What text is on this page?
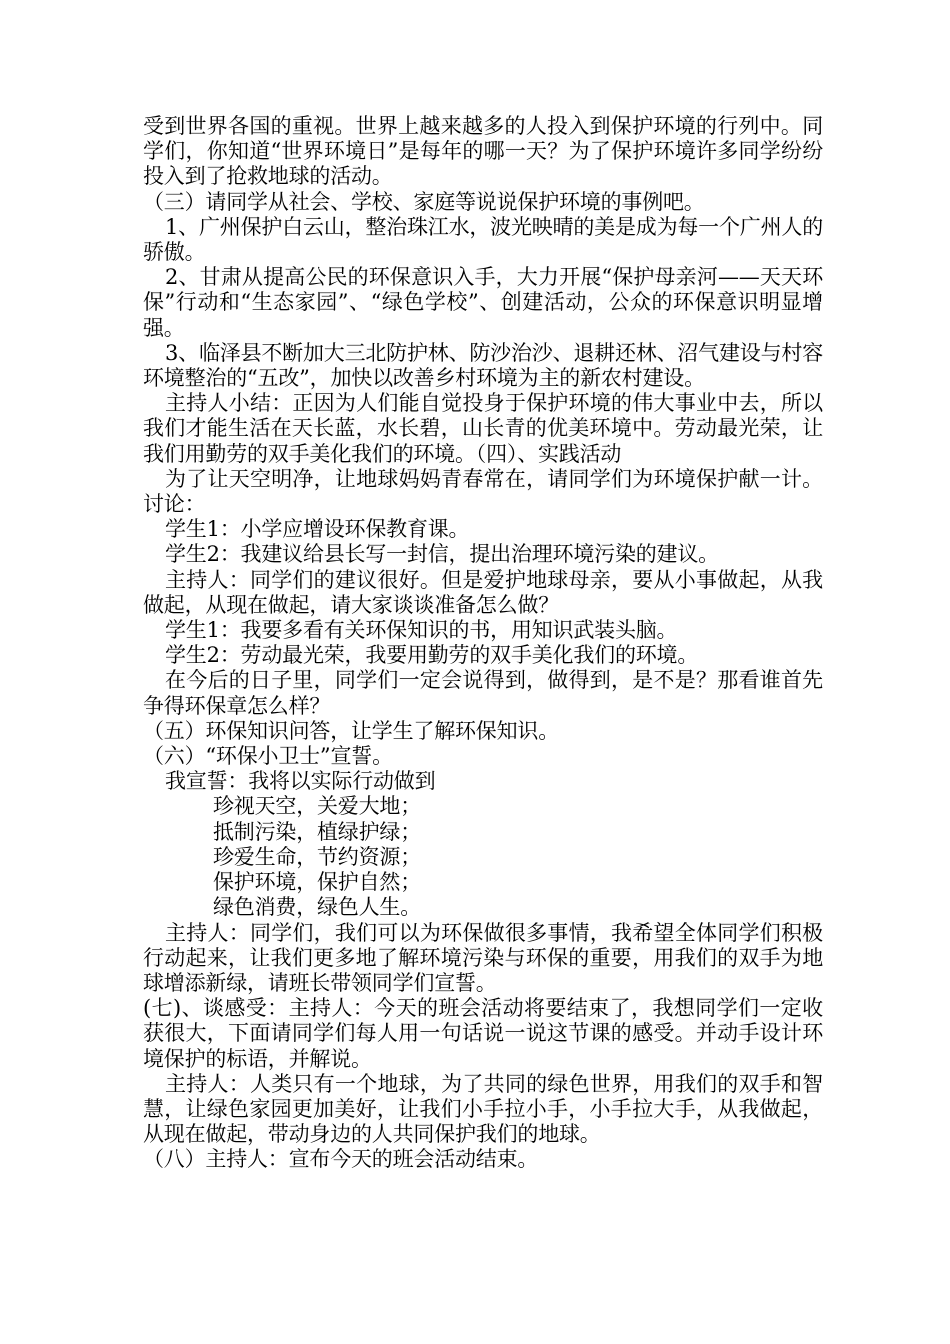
受到世界各国的重视。世界上越来越多的人投入到保护环境的行列中。同学们，你知道“世界环境日”是每年的哪一天？为了保护环境许多同学纷纷投入到了抢救地球的活动。

（三）请同学从社会、学校、家庭等说说保护环境的事例吧。

1、广州保护白云山，整治珠江水，波光映晴的美是成为每一个广州人的骄傲。

2、甘肃从提高公民的环保意识入手，大力开展“保护母亲河——天天环保”行动和“生态家园”、“绿色学校”、创建活动，公众的环保意识明显增强。

3、临泽县不断加大三北防护林、防沙治沙、退耕还林、沼气建设与村容环境整治的“五改”，加快以改善乡村环境为主的新农村建设。

主持人小结：正因为人们能自觉投身于保护环境的伟大事业中去，所以我们才能生活在天长蓝，水长碧，山长青的优美环境中。劳动最光荣，让我们用勤劳的双手美化我们的环境。（四）、实践活动

为了让天空明净，让地球妈妈青春常在，请同学们为环境保护献一计。讨论：

学生1：小学应增设环保教育课。

学生2：我建议给县长写一封信，提出治理环境污染的建议。

主持人：同学们的建议很好。但是爱护地球母亲，要从小事做起，从我做起，从现在做起，请大家谈谈准备怎么做？

学生1：我要多看有关环保知识的书，用知识武装头脑。

学生2：劳动最光荣，我要用勤劳的双手美化我们的环境。

在今后的日子里，同学们一定会说得到，做得到，是不是？那看谁首先争得环保章怎么样？

（五）环保知识问答，让学生了解环保知识。

（六）“环保小卫士”宣誓。

我宣誓：我将以实际行动做到

珍视天空，关爱大地；

抵制污染，植绿护绿；

珍爱生命，节约资源；

保护环境，保护自然；

绿色消费，绿色人生。

主持人：同学们，我们可以为环保做很多事情，我希望全体同学们积极行动起来，让我们更多地了解环境污染与环保的重要，用我们的双手为地球增添新绿，请班长带领同学们宣誓。

(七)、谈感受：主持人：今天的班会活动将要结束了，我想同学们一定收获很大，下面请同学们每人用一句话说一说这节课的感受。并动手设计环境保护的标语，并解说。

主持人：人类只有一个地球，为了共同的绿色世界，用我们的双手和智慧，让绿色家园更加美好，让我们小手拉小手，小手拉大手，从我做起，从现在做起，带动身边的人共同保护我们的地球。

（八）主持人：宣布今天的班会活动结束。
